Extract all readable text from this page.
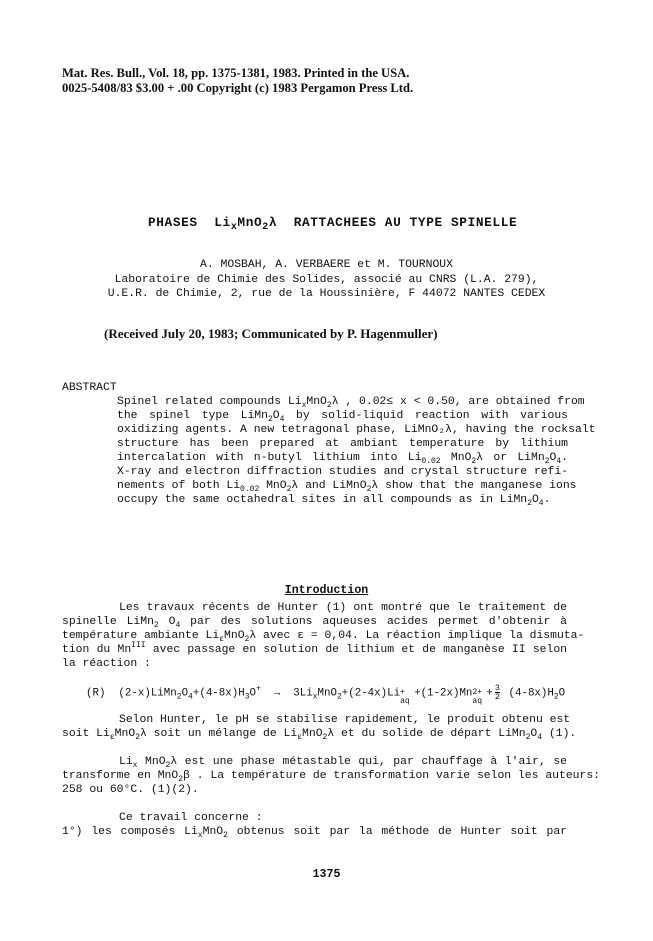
Mat. Res. Bull., Vol. 18, pp. 1375-1381, 1983. Printed in the USA.
0025-5408/83 $3.00 + .00 Copyright (c) 1983 Pergamon Press Ltd.
PHASES $Li_xMnO_2\lambda$ RATTACHEES AU TYPE SPINELLE
A. MOSBAH, A. VERBAERE et M. TOURNOUX
Laboratoire de Chimie des Solides, associé au CNRS (L.A. 279),
U.E.R. de Chimie, 2, rue de la Houssinière, F 44072 NANTES CEDEX
(Received July 20, 1983; Communicated by P. Hagenmuller)
ABSTRACT
Spinel related compounds $Li_xMnO_2\lambda$ , 0.02≤ x < 0.50, are obtained from
the spinel type $LiMn_2O_4$ by solid-liquid reaction with various
oxidizing agents. A new tetragonal phase, LiMnO₂λ, having the rocksalt
structure has been prepared at ambiant temperature by lithium
intercalation with n-butyl lithium into $Li_{0.02}$ MnO$_2$λ or $LiMn_2O_4$.
X-ray and electron diffraction studies and crystal structure refi-
nements of both $Li_{0.02}$ MnO$_2$λ and LiMnO$_2$λ show that the manganese ions
occupy the same octahedral sites in all compounds as in $LiMn_2O_4$.
Introduction
Les travaux récents de Hunter (1) ont montré que le traitement de
spinelle LiMn$_2$ $O_4$ par des solutions aqueuses acides permet d'obtenir à
température ambiante $Li_\varepsilon MnO_2\lambda$ avec ε = 0,04. La réaction implique la dismuta-
tion du $Mn^{III}$ avec passage en solution de lithium et de manganèse II selon
la réaction :
(R) $(2-x)LiMn_2O_4+(4-8x)H_3O^+ \to 3Li_xMnO_2+(2-4x)Li$ +
aq
+(1-2x)Mn 2+
aq
+ $\frac{3}{2} (4-8x)H_2O$
Selon Hunter, le pH se stabilise rapidement, le produit obtenu est
soit $Li_\varepsilon MnO_2\lambda$ soit un mélange de $Li_\varepsilon MnO_2\lambda$ et du solide de départ $LiMn_2O_4$ (1).
$Li_x$ MnO$_2$λ est une phase métastable qui, par chauffage à l'air, se
transforme en MnO$_2$β . La température de transformation varie selon les auteurs:
258 ou 60°C. (1)(2).
Ce travail concerne :
1°) les composés $Li_xMnO_2$ obtenus soit par la méthode de Hunter soit par
1375
